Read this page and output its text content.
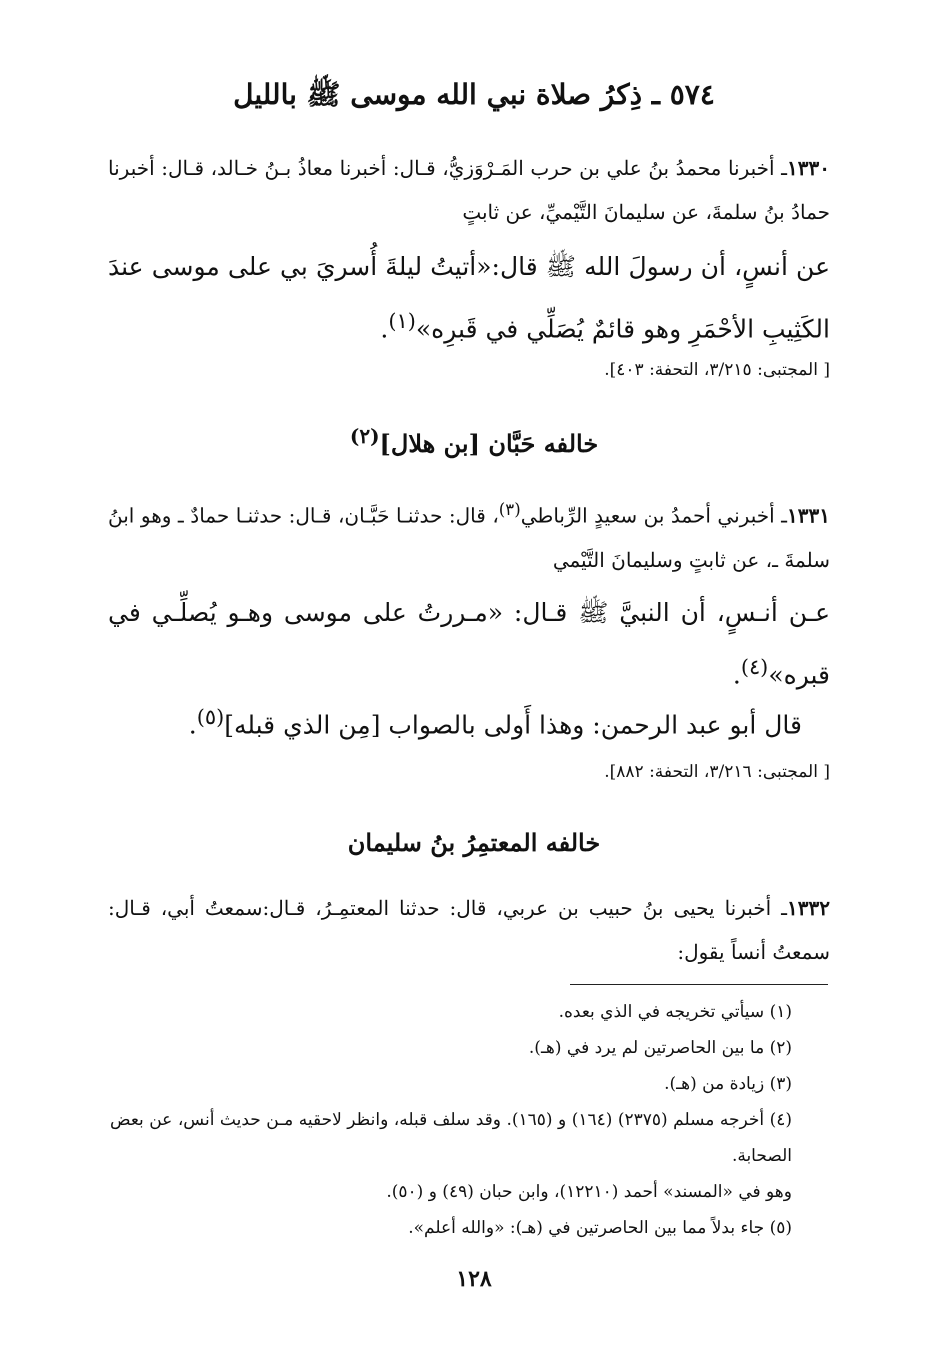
٥٧٤ ـ ذِكرُ صلاة نبي الله موسى ﷺ بالليل
١٣٣٠ـ أخبرنا محمدُ بنُ علي بن حرب المَـرْوَزيُّ، قـال: أخبرنا معاذُ بـنُ خـالد، قـال: أخبرنا حمادُ بنُ سلمةَ، عن سليمانَ التَّيْميِّ، عن ثابتٍ
عن أنسٍ، أن رسولَ الله ﷺ قال:«أتيتُ ليلةَ أُسريَ بي على موسى عندَ الكَثِيبِ الأحْمَرِ وهو قائمٌ يُصَلِّي في قَبرِه»$^{(١)}$.
[ المجتبى: ٣/٢١٥، التحفة: ٤٠٣].
خالفه حَبَّان [بن هلال]$^{(٢)}$
١٣٣١ـ أخبرني أحمدُ بن سعيدٍ الرِّباطي$^{(٣)}$، قال: حدثنـا حَبَّـان، قـال: حدثنـا حمادٌ ـ وهو ابنُ سلمةَ ـ، عن ثابتٍ وسليمانَ التَّيْمي
عـن أنـسٍ، أن النبيَّ ﷺ قـال: «مـررتُ على موسى وهـو يُصلِّـي في قبره»$^{(٤)}$.
قال أبو عبد الرحمن: وهذا أَولى بالصواب [مِن الذي قبله]$^{(٥)}$.
[ المجتبى: ٣/٢١٦، التحفة: ٨٨٢].
خالفه المعتمِرُ بنُ سليمان
١٣٣٢ـ أخبرنا يحيى بنُ حبيب بن عربي، قال: حدثنا المعتمِـرُ، قـال:سمعتُ أبي، قـال: سمعتُ أنساً يقول:
(١) سيأتي تخريجه في الذي بعده.
(٢) ما بين الحاصرتين لم يرد في (هـ).
(٣) زيادة من (هـ).
(٤) أخرجه مسلم (٢٣٧٥) (١٦٤) و (١٦٥). وقد سلف قبله، وانظر لاحقيه مـن حديث أنس، عن بعض الصحابة.
وهو في «المسند» أحمد (١٢٢١٠)، وابن حبان (٤٩) و (٥٠).
(٥) جاء بدلاً مما بين الحاصرتين في (هـ): «والله أعلم».
١٢٨
